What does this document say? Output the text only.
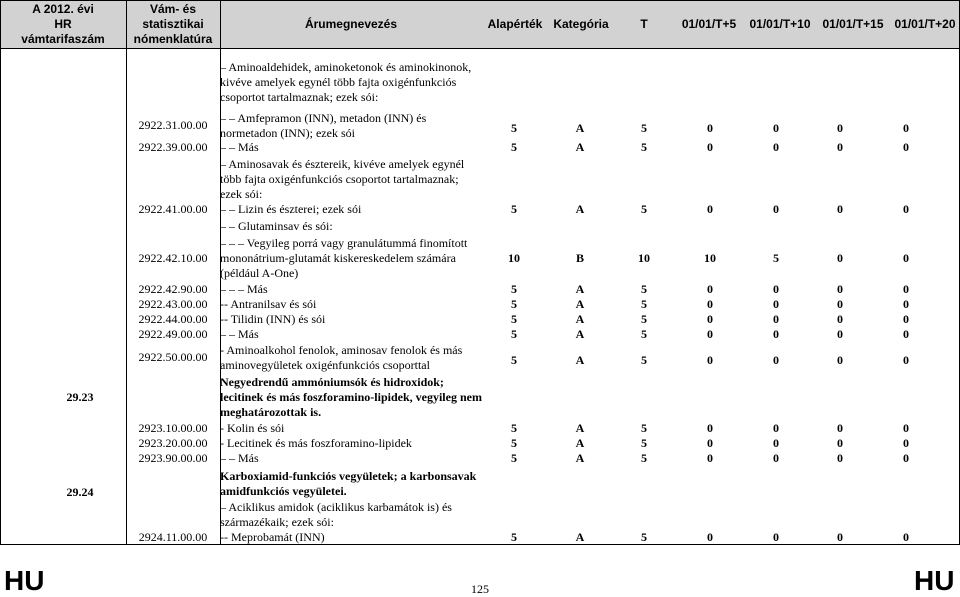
A 2012. évi
HR
vámtarifaszám
Vám- és
statisztikai
nómenklatúra
Árumegnevezés	Alapérték Kategória	T	01/01/T+5	01/01/T+10 01/01/T+15 01/01/T+20
– Aminoaldehidek, aminoketonok és aminokinonok, kivéve amelyek egynél több fajta oxigénfunkciós csoportot tartalmaznak; ezek sói:
– – Amfepramon (INN), metadon (INN) és normetadon (INN); ezek sói
2922.31.00.00	5	A	5	0	0	0	0
– – Más
2922.39.00.00	5	A	5	0	0	0	0
– Aminosavak és észtereik, kivéve amelyek egynél több fajta oxigénfunkciós csoportot tartalmaznak; ezek sói:
– – Lizin és észterei; ezek sói
2922.41.00.00	5	A	5	0	0	0	0
– – Glutaminsav és sói:
– – – Vegyileg porrá vagy granulátummá finomított mononátrium-glutamát kiskereskedelem számára (például A-One)
2922.42.10.00	10	B	10	10	5	0	0
– – – Más
2922.42.90.00	5	A	5	0	0	0	0
-- Antranilsav és sói
2922.43.00.00	5	A	5	0	0	0	0
-- Tilidin (INN) és sói
2922.44.00.00	5	A	5	0	0	0	0
– – Más
2922.49.00.00	5	A	5	0	0	0	0
- Aminoalkohol fenolok, aminosav fenolok és más aminovegyületek oxigénfunkciós csoporttal
2922.50.00.00	5	A	5	0	0	0	0
Negyedrendű ammóniumsók és hidroxidok; lecitinek és más foszforamino-lipidek, vegyileg nem meghatározottak is.
29.23
- Kolin és sói
2923.10.00.00	5	A	5	0	0	0	0
- Lecitinek és más foszforamino-lipidek
2923.20.00.00	5	A	5	0	0	0	0
– – Más
2923.90.00.00	5	A	5	0	0	0	0
Karboxiamid-funkciós vegyületek; a karbonsavak amidfunkciós vegyületei.
29.24
– Aciklikus amidok (aciklikus karbamátok is) és származékaik; ezek sói:
-- Meprobamát (INN)
2924.11.00.00	5	A	5	0	0	0	0
HU	125	HU
